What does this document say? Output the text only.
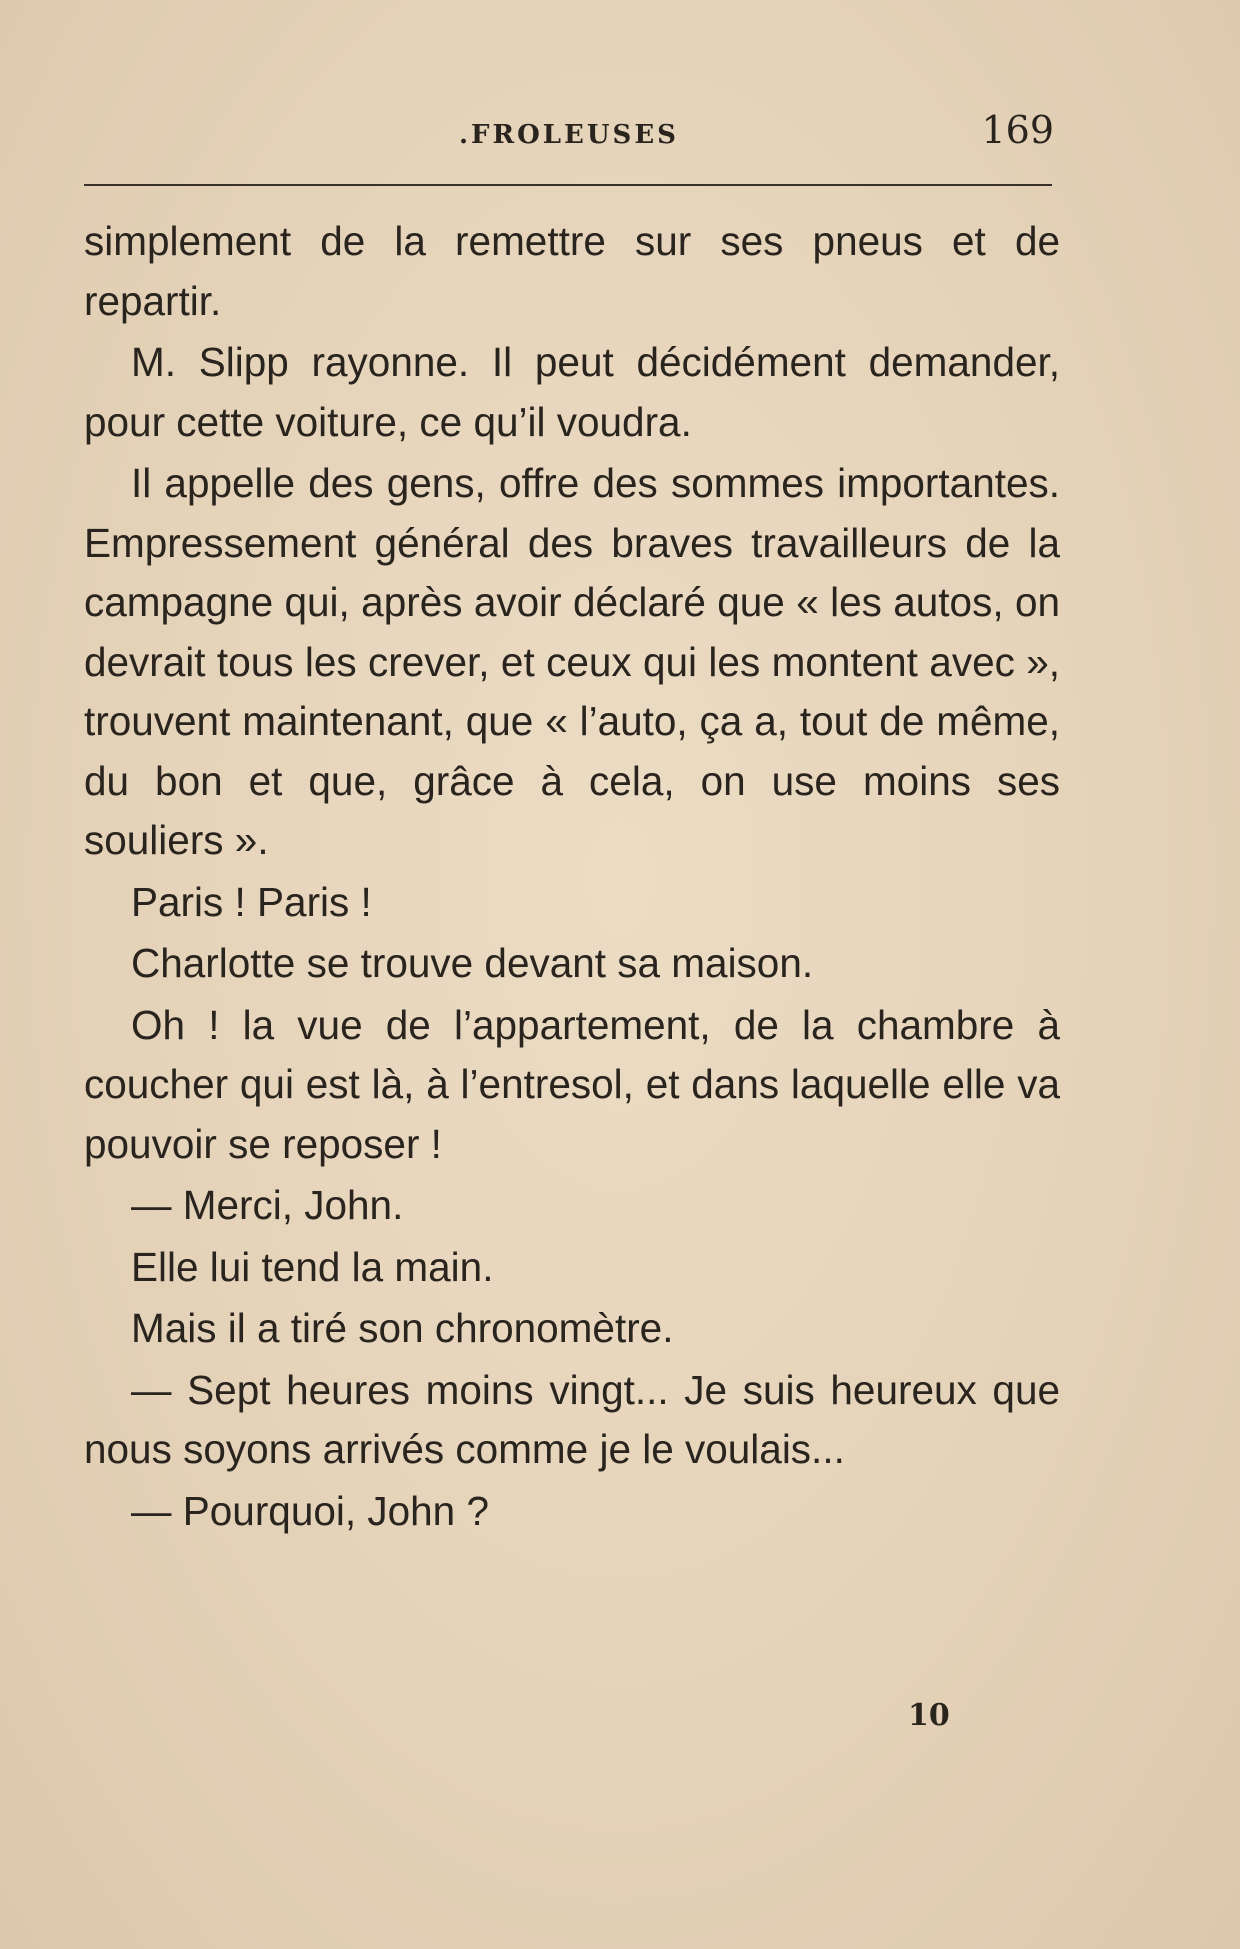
.FROLEUSES	169

simplement de la remettre sur ses pneus et de repartir.

M. Slipp rayonne. Il peut décidément demander, pour cette voiture, ce qu’il voudra.

Il appelle des gens, offre des sommes importantes. Empressement général des braves travailleurs de la campagne qui, après avoir déclaré que « les autos, on devrait tous les crever, et ceux qui les montent avec », trouvent maintenant, que « l’auto, ça a, tout de même, du bon et que, grâce à cela, on use moins ses souliers ».

Paris ! Paris !

Charlotte se trouve devant sa maison.

Oh ! la vue de l’appartement, de la chambre à coucher qui est là, à l’entresol, et dans laquelle elle va pouvoir se reposer !

— Merci, John.

Elle lui tend la main.

Mais il a tiré son chronomètre.

— Sept heures moins vingt... Je suis heureux que nous soyons arrivés comme je le voulais...

— Pourquoi, John ?

10
